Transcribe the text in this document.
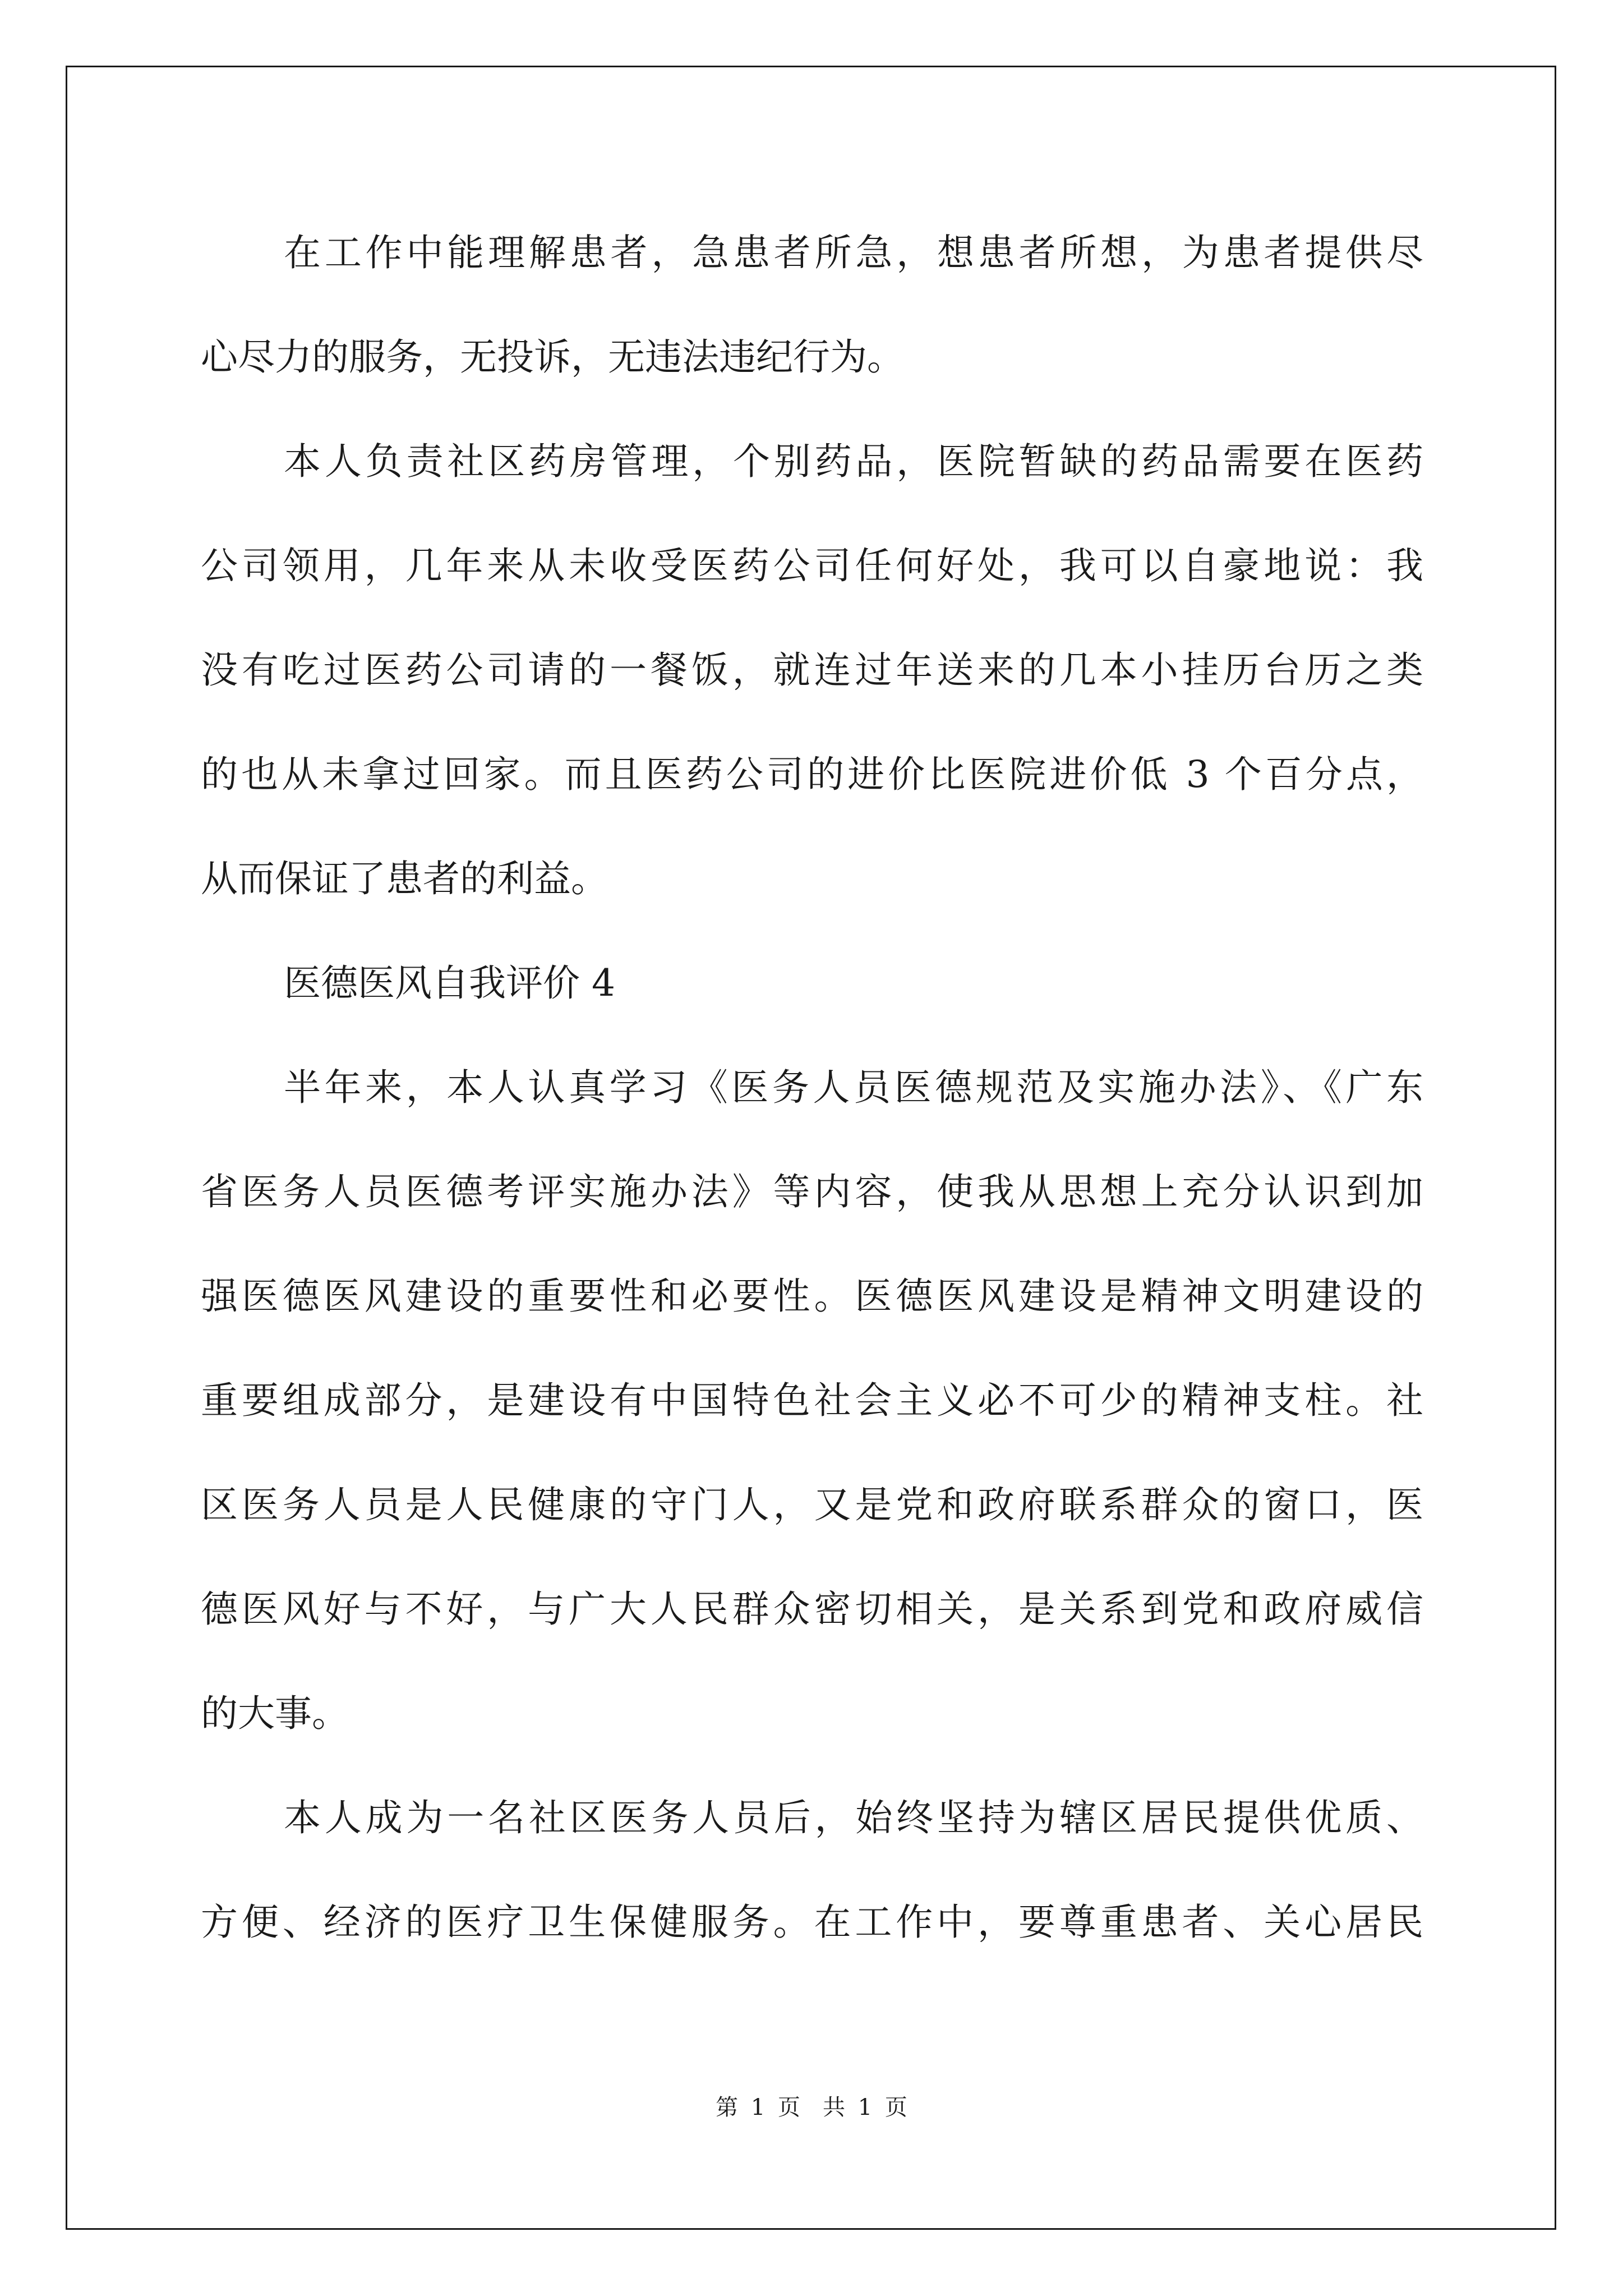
在工作中能理解患者，急患者所急，想患者所想，为患者提供尽
心尽力的服务，无投诉，无违法违纪行为。
本人负责社区药房管理，个别药品，医院暂缺的药品需要在医药
公司领用，几年来从未收受医药公司任何好处，我可以自豪地说：我
没有吃过医药公司请的一餐饭，就连过年送来的几本小挂历台历之类
的也从未拿过回家。而且医药公司的进价比医院进价低 3 个百分点，
从而保证了患者的利益。
医德医风自我评价 4
半年来，本人认真学习《医务人员医德规范及实施办法》、《广东
省医务人员医德考评实施办法》等内容，使我从思想上充分认识到加
强医德医风建设的重要性和必要性。医德医风建设是精神文明建设的
重要组成部分，是建设有中国特色社会主义必不可少的精神支柱。社
区医务人员是人民健康的守门人，又是党和政府联系群众的窗口，医
德医风好与不好，与广大人民群众密切相关，是关系到党和政府威信
的大事。
本人成为一名社区医务人员后，始终坚持为辖区居民提供优质、
方便、经济的医疗卫生保健服务。在工作中，要尊重患者、关心居民
第 1 页　共 1 页
